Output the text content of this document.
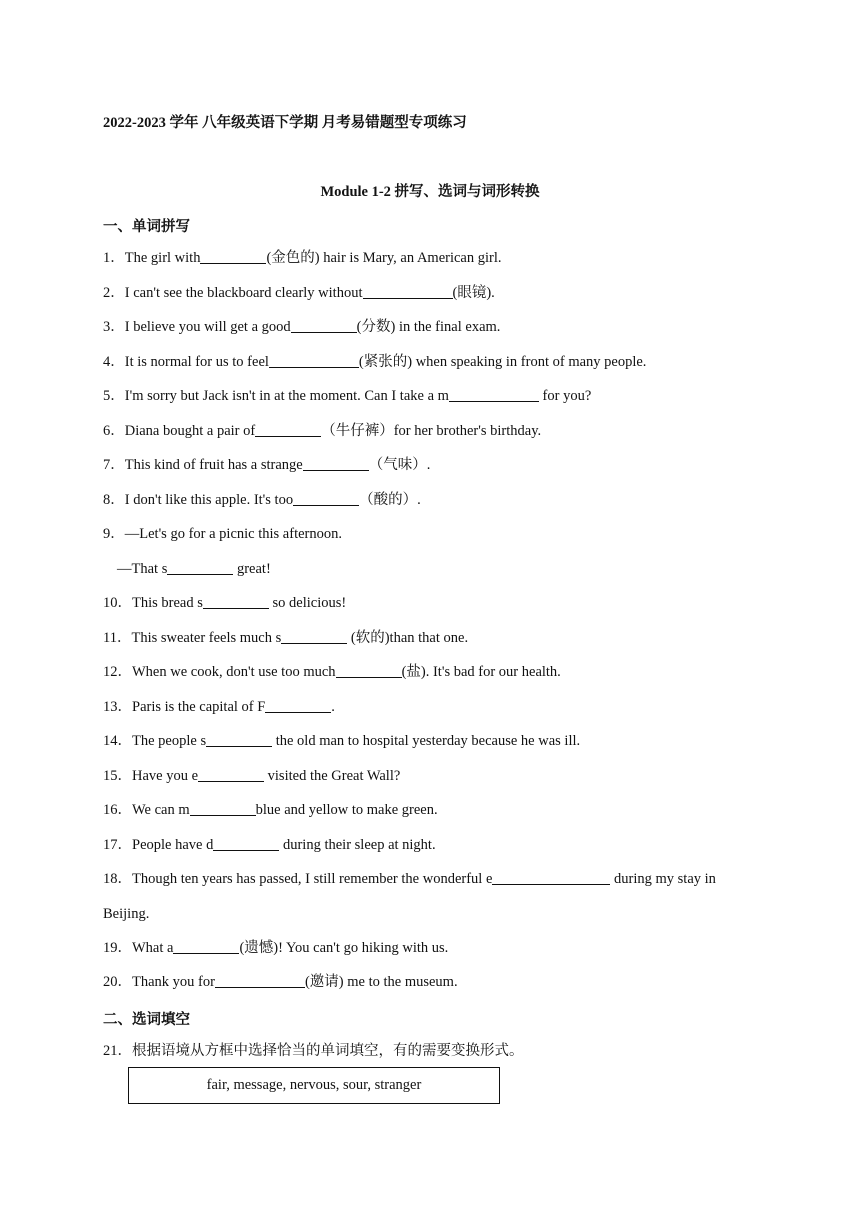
2022-2023 学年 八年级英语下学期 月考易错题型专项练习
Module 1-2 拼写、选词与词形转换
一、单词拼写
1．The girl with	(金色的) hair is Mary, an American girl.
2．I can't see the blackboard clearly without	(眼镜).
3．I believe you will get a good	(分数) in the final exam.
4．It is normal for us to feel	(紧张的) when speaking in front of many people.
5．I'm sorry but Jack isn't in at the moment. Can I take a m	for you?
6．Diana bought a pair of	（牛仔裤）for her brother's birthday.
7．This kind of fruit has a strange	（气味）.
8．I don't like this apple. It's too	（酸的）.
9．—Let's go for a picnic this afternoon.
—That s	great!
10．This bread s	so delicious!
11．This sweater feels much s	(软的)than that one.
12．When we cook, don't use too much	(盐). It's bad for our health.
13．Paris is the capital of F	.
14．The people s	the old man to hospital yesterday because he was ill.
15．Have you e	visited the Great Wall?
16．We can m	blue and yellow to make green.
17．People have d	during their sleep at night.
18．Though ten years has passed, I still remember the wonderful e	during my stay in
Beijing.
19．What a	(遗憾)! You can't go hiking with us.
20．Thank you for	(邀请) me to the museum.
二、选词填空
21．根据语境从方框中选择恰当的单词填空，有的需要变换形式。
fair, message, nervous, sour, stranger
